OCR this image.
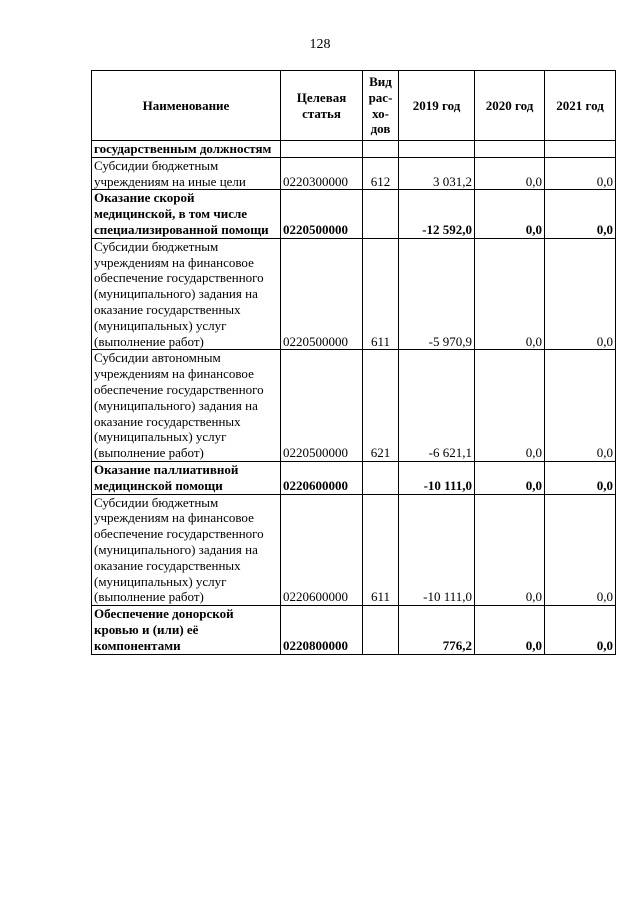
128
Наименование	Целевая статья	Вид рас-хо-дов	2019 год	2020 год	2021 год
государственным должностям					
Субсидии бюджетным учреждениям на иные цели	0220300000	612	3 031,2	0,0	0,0
Оказание скорой медицинской, в том числе специализированной помощи	0220500000		-12 592,0	0,0	0,0
Субсидии бюджетным учреждениям на финансовое обеспечение государственного (муниципального) задания на оказание государственных (муниципальных) услуг (выполнение работ)	0220500000	611	-5 970,9	0,0	0,0
Субсидии автономным учреждениям на финансовое обеспечение государственного (муниципального) задания на оказание государственных (муниципальных) услуг (выполнение работ)	0220500000	621	-6 621,1	0,0	0,0
Оказание паллиативной медицинской помощи	0220600000		-10 111,0	0,0	0,0
Субсидии бюджетным учреждениям на финансовое обеспечение государственного (муниципального) задания на оказание государственных (муниципальных) услуг (выполнение работ)	0220600000	611	-10 111,0	0,0	0,0
Обеспечение донорской кровью и (или) её компонентами	0220800000		776,2	0,0	0,0
